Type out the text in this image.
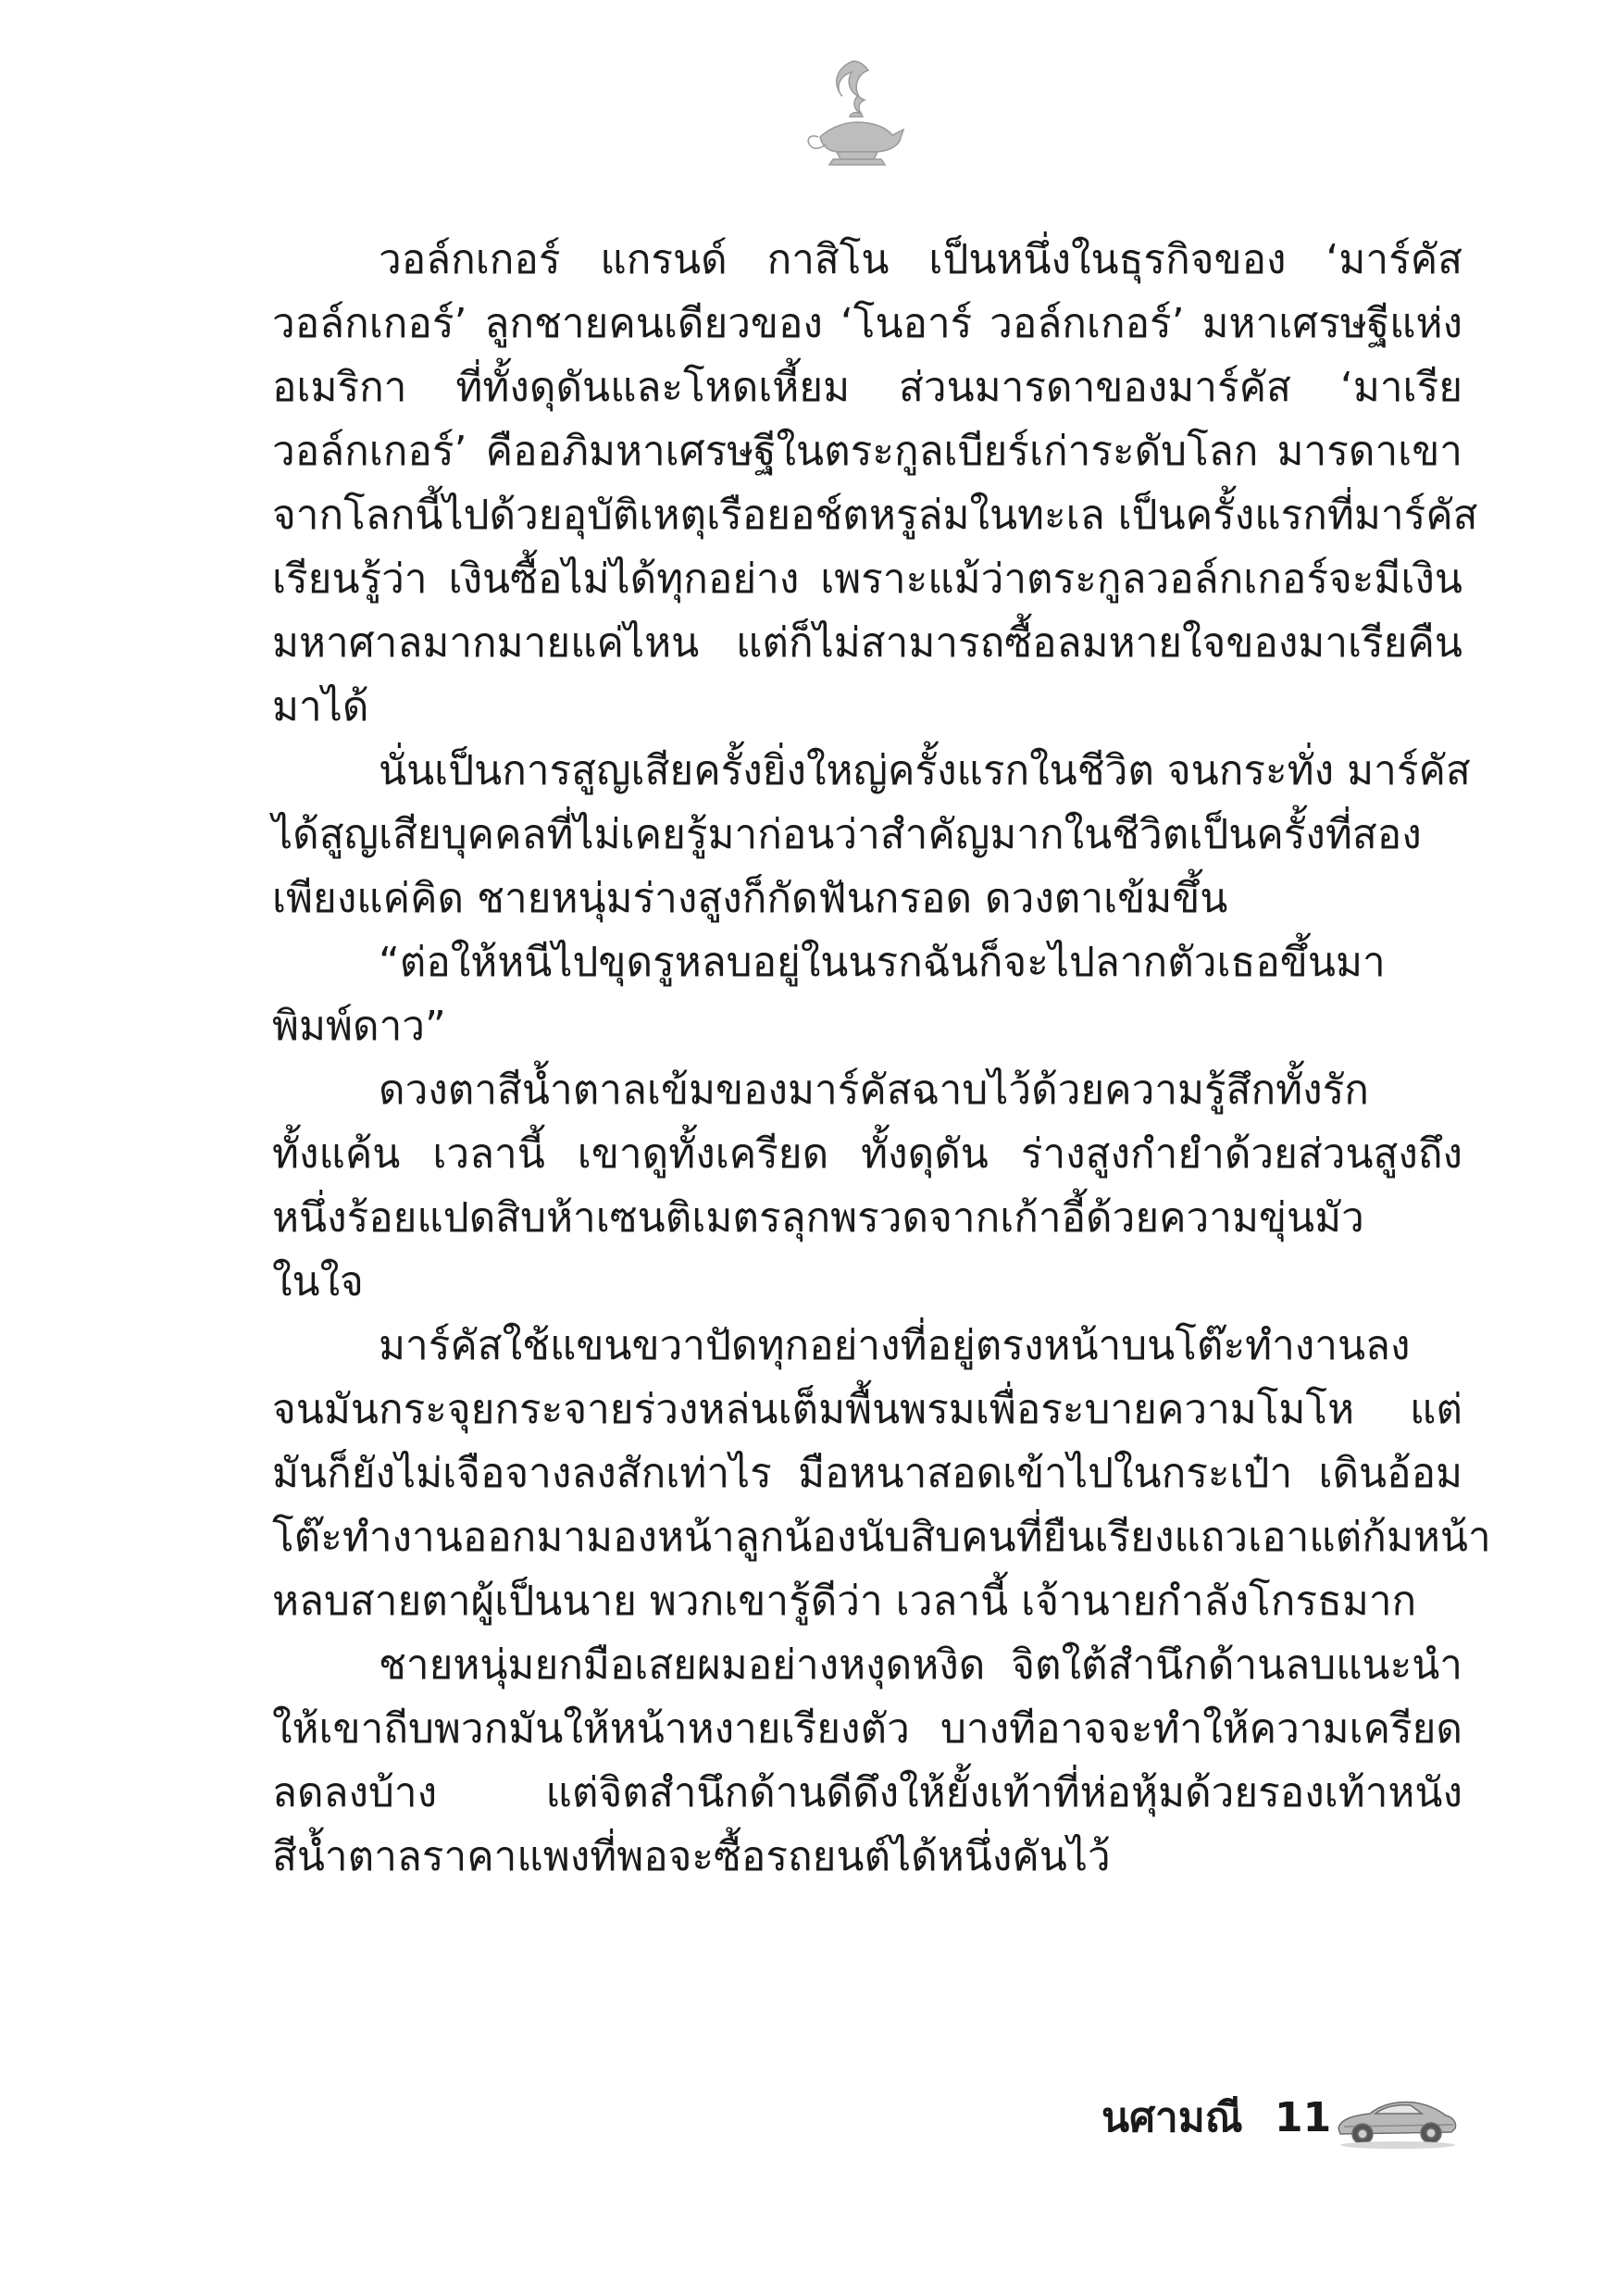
วอล์กเกอร์ แกรนด์ กาสิโน เป็นหนึ่งในธุรกิจของ ‘มาร์คัส
วอล์กเกอร์’ ลูกชายคนเดียวของ ‘โนอาร์ วอล์กเกอร์’ มหาเศรษฐีแห่ง
อเมริกา ที่ทั้งดุดันและโหดเหี้ยม ส่วนมารดาของมาร์คัส ‘มาเรีย
วอล์กเกอร์’ คืออภิมหาเศรษฐีในตระกูลเบียร์เก่าระดับโลก มารดาเขา
จากโลกนี้ไปด้วยอุบัติเหตุเรือยอช์ตหรูล่มในทะเล เป็นครั้งแรกที่มาร์คัส
เรียนรู้ว่า เงินซื้อไม่ได้ทุกอย่าง เพราะแม้ว่าตระกูลวอล์กเกอร์จะมีเงิน
มหาศาลมากมายแค่ไหน แต่ก็ไม่สามารถซื้อลมหายใจของมาเรียคืน
มาได้
นั่นเป็นการสูญเสียครั้งยิ่งใหญ่ครั้งแรกในชีวิต จนกระทั่ง มาร์คัส
ได้สูญเสียบุคคลที่ไม่เคยรู้มาก่อนว่าสำคัญมากในชีวิตเป็นครั้งที่สอง
เพียงแค่คิด ชายหนุ่มร่างสูงก็กัดฟันกรอด ดวงตาเข้มขึ้น
“ต่อให้หนีไปขุดรูหลบอยู่ในนรกฉันก็จะไปลากตัวเธอขึ้นมา
พิมพ์ดาว”
ดวงตาสีน้ำตาลเข้มของมาร์คัสฉาบไว้ด้วยความรู้สึกทั้งรัก
ทั้งแค้น เวลานี้ เขาดูทั้งเครียด ทั้งดุดัน ร่างสูงกำยำด้วยส่วนสูงถึง
หนึ่งร้อยแปดสิบห้าเซนติเมตรลุกพรวดจากเก้าอี้ด้วยความขุ่นมัว
ในใจ
มาร์คัสใช้แขนขวาปัดทุกอย่างที่อยู่ตรงหน้าบนโต๊ะทำงานลง
จนมันกระจุยกระจายร่วงหล่นเต็มพื้นพรมเพื่อระบายความโมโห แต่
มันก็ยังไม่เจือจางลงสักเท่าไร มือหนาสอดเข้าไปในกระเป๋า เดินอ้อม
โต๊ะทำงานออกมามองหน้าลูกน้องนับสิบคนที่ยืนเรียงแถวเอาแต่ก้มหน้า
หลบสายตาผู้เป็นนาย พวกเขารู้ดีว่า เวลานี้ เจ้านายกำลังโกรธมาก
ชายหนุ่มยกมือเสยผมอย่างหงุดหงิด จิตใต้สำนึกด้านลบแนะนำ
ให้เขาถีบพวกมันให้หน้าหงายเรียงตัว บางทีอาจจะทำให้ความเครียด
ลดลงบ้าง แต่จิตสำนึกด้านดีดึงให้ยั้งเท้าที่ห่อหุ้มด้วยรองเท้าหนัง
สีน้ำตาลราคาแพงที่พอจะซื้อรถยนต์ได้หนึ่งคันไว้
นศามณี 11
